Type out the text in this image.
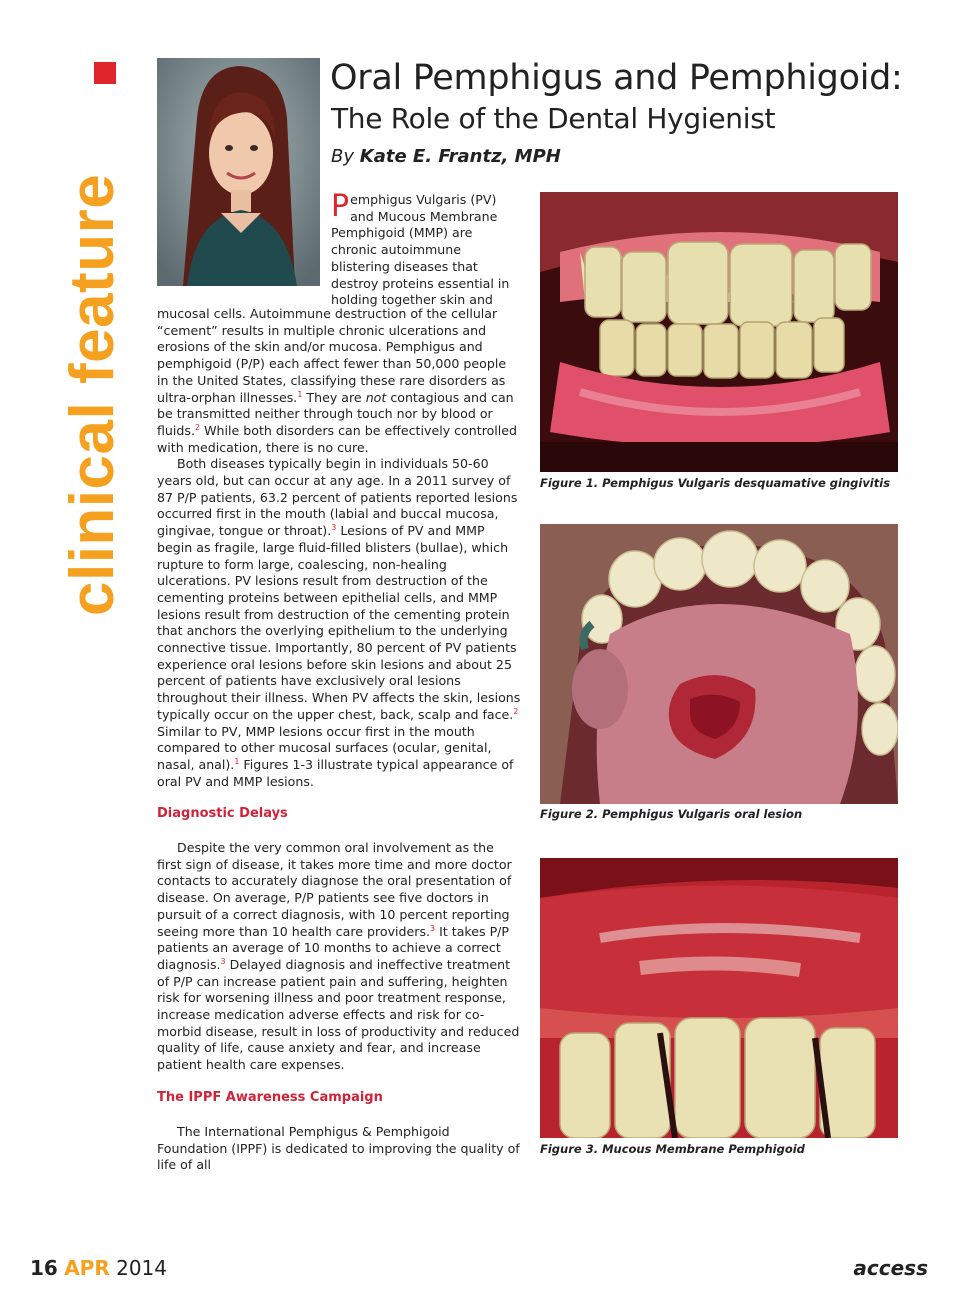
clinical feature
Oral Pemphigus and Pemphigoid:
The Role of the Dental Hygienist
By Kate E. Frantz, MPH
Pemphigus Vulgaris (PV) and Mucous Membrane Pemphigoid (MMP) are chronic autoimmune blistering diseases that destroy proteins essential in holding together skin and

mucosal cells. Autoimmune destruction of the cellular “cement” results in multiple chronic ulcerations and erosions of the skin and/or mucosa. Pemphigus and pemphigoid (P/P) each affect fewer than 50,000 people in the United States, classifying these rare disorders as ultra-orphan illnesses.$^1$ They are not contagious and can be transmitted neither through touch nor by blood or fluids.$^2$ While both disorders can be effectively controlled with medication, there is no cure.

Both diseases typically begin in individuals 50-60 years old, but can occur at any age. In a 2011 survey of 87 P/P patients, 63.2 percent of patients reported lesions occurred first in the mouth (labial and buccal mucosa, gingivae, tongue or throat).$^3$ Lesions of PV and MMP begin as fragile, large fluid-filled blisters (bullae), which rupture to form large, coalescing, non-healing ulcerations. PV lesions result from destruction of the cementing proteins between epithelial cells, and MMP lesions result from destruction of the cementing protein that anchors the overlying epithelium to the underlying connective tissue. Importantly, 80 percent of PV patients experience oral lesions before skin lesions and about 25 percent of patients have exclusively oral lesions throughout their illness. When PV affects the skin, lesions typically occur on the upper chest, back, scalp and face.$^2$ Similar to PV, MMP lesions occur first in the mouth compared to other mucosal surfaces (ocular, genital, nasal, anal).$^1$ Figures 1-3 illustrate typical appearance of oral PV and MMP lesions.

Diagnostic Delays

Despite the very common oral involvement as the first sign of disease, it takes more time and more doctor contacts to accurately diagnose the oral presentation of disease. On average, P/P patients see five doctors in pursuit of a correct diagnosis, with 10 percent reporting seeing more than 10 health care providers.$^3$ It takes P/P patients an average of 10 months to achieve a correct diagnosis.$^3$ Delayed diagnosis and ineffective treatment of P/P can increase patient pain and suffering, heighten risk for worsening illness and poor treatment response, increase medication adverse effects and risk for co-morbid disease, result in loss of productivity and reduced quality of life, cause anxiety and fear, and increase patient health care expenses.

The IPPF Awareness Campaign

The International Pemphigus & Pemphigoid Foundation (IPPF) is dedicated to improving the quality of life of all

Figure 1. Pemphigus Vulgaris desquamative gingivitis
Figure 2. Pemphigus Vulgaris oral lesion
Figure 3. Mucous Membrane Pemphigoid
16 APR 2014	access
